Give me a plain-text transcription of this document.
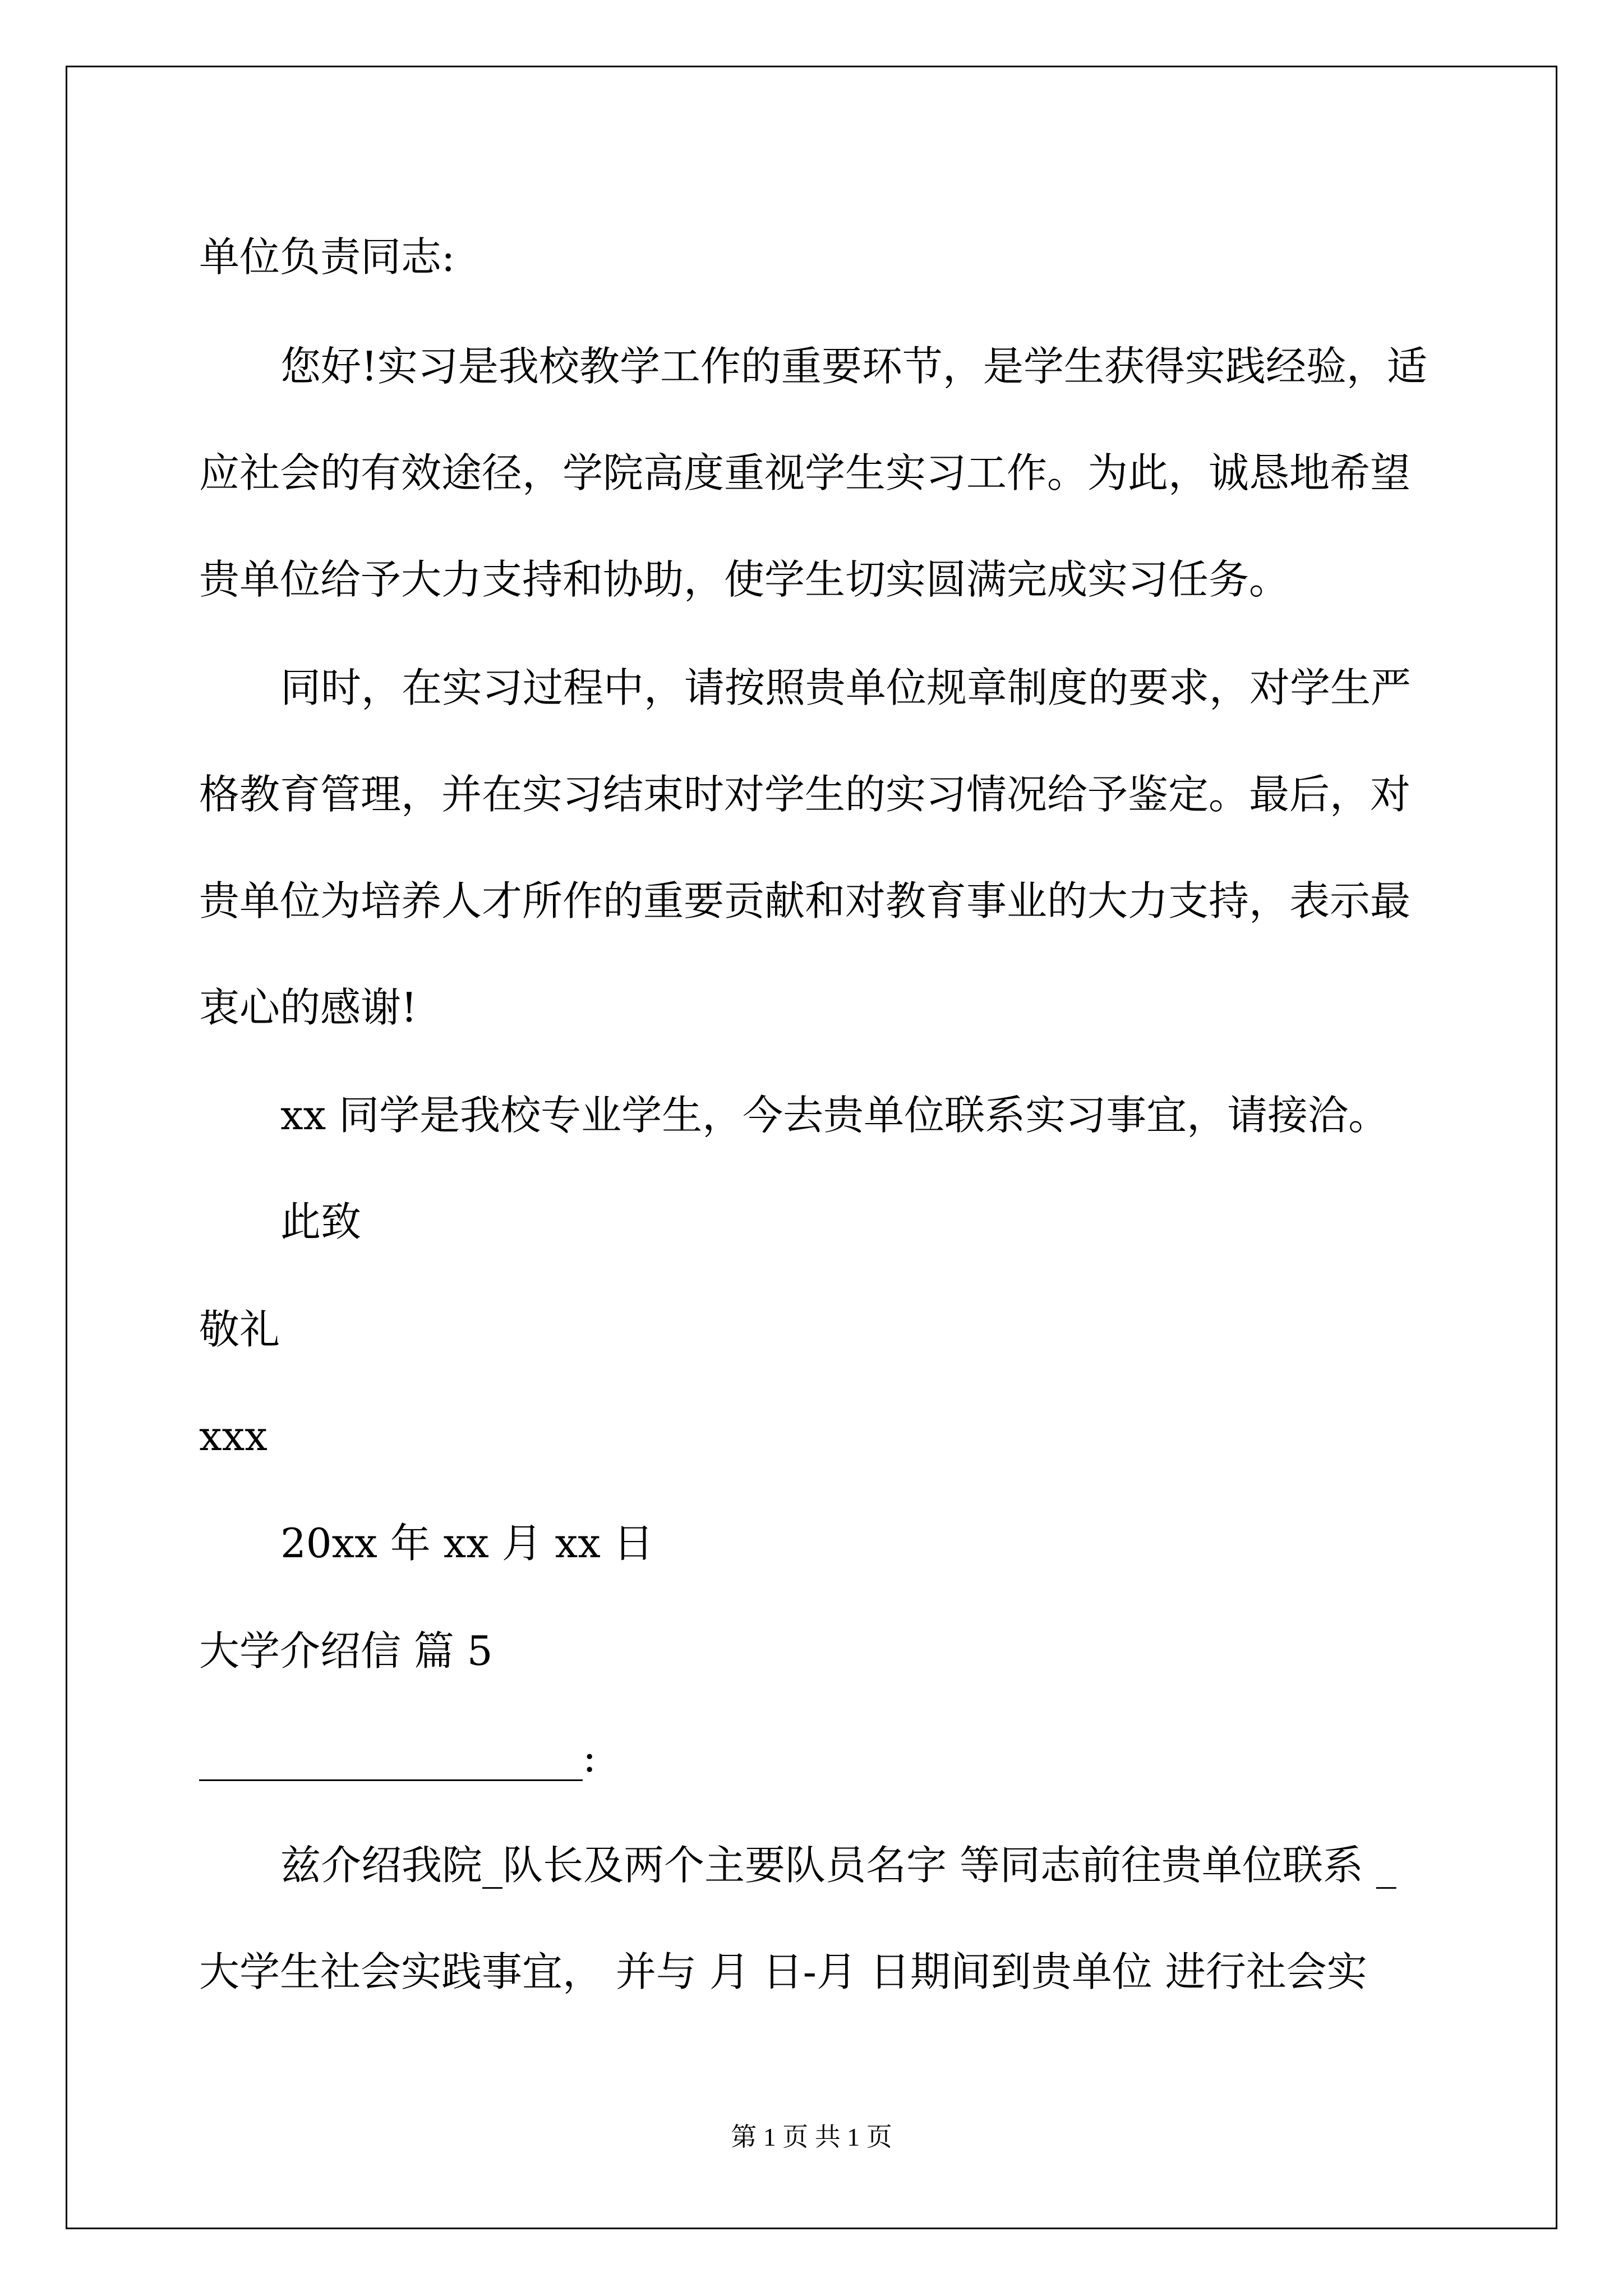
单位负责同志:

您好!实习是我校教学工作的重要环节，是学生获得实践经验，适

应社会的有效途径，学院高度重视学生实习工作。为此，诚恳地希望

贵单位给予大力支持和协助，使学生切实圆满完成实习任务。

同时，在实习过程中，请按照贵单位规章制度的要求，对学生严

格教育管理，并在实习结束时对学生的实习情况给予鉴定。最后，对

贵单位为培养人才所作的重要贡献和对教育事业的大力支持，表示最

衷心的感谢!

xx 同学是我校专业学生，今去贵单位联系实习事宜，请接洽。

此致

敬礼

xxx

20xx 年 xx 月 xx 日

大学介绍信 篇 5

___________________:

兹介绍我院_队长及两个主要队员名字 等同志前往贵单位联系 _

大学生社会实践事宜， 并与 月 日-月 日期间到贵单位 进行社会实

第 1 页 共 1 页
